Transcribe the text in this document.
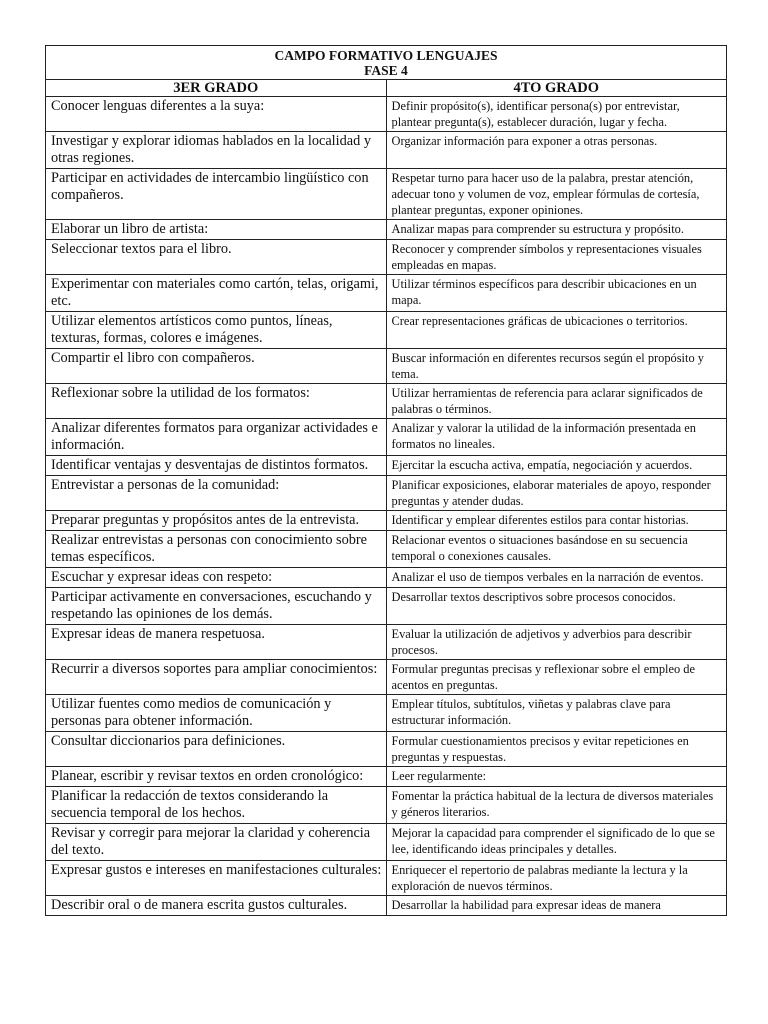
CAMPO FORMATIVO LENGUAJES
FASE 4	

3ER GRADO	4TO GRADO
Conocer lenguas diferentes a la suya:	Definir propósito(s), identificar persona(s) por entrevistar, plantear pregunta(s), establecer duración, lugar y fecha.
Investigar y explorar idiomas hablados en la localidad y otras regiones.	Organizar información para exponer a otras personas.
Participar en actividades de intercambio lingüístico con compañeros.	Respetar turno para hacer uso de la palabra, prestar atención, adecuar tono y volumen de voz, emplear fórmulas de cortesía, plantear preguntas, exponer opiniones.
Elaborar un libro de artista:	Analizar mapas para comprender su estructura y propósito.
Seleccionar textos para el libro.	Reconocer y comprender símbolos y representaciones visuales empleadas en mapas.
Experimentar con materiales como cartón, telas, origami, etc.	Utilizar términos específicos para describir ubicaciones en un mapa.
Utilizar elementos artísticos como puntos, líneas, texturas, formas, colores e imágenes.	Crear representaciones gráficas de ubicaciones o territorios.
Compartir el libro con compañeros.	Buscar información en diferentes recursos según el propósito y tema.
Reflexionar sobre la utilidad de los formatos:	Utilizar herramientas de referencia para aclarar significados de palabras o términos.
Analizar diferentes formatos para organizar actividades e información.	Analizar y valorar la utilidad de la información presentada en formatos no lineales.
Identificar ventajas y desventajas de distintos formatos.	Ejercitar la escucha activa, empatía, negociación y acuerdos.
Entrevistar a personas de la comunidad:	Planificar exposiciones, elaborar materiales de apoyo, responder preguntas y atender dudas.
Preparar preguntas y propósitos antes de la entrevista.	Identificar y emplear diferentes estilos para contar historias.
Realizar entrevistas a personas con conocimiento sobre temas específicos.	Relacionar eventos o situaciones basándose en su secuencia temporal o conexiones causales.
Escuchar y expresar ideas con respeto:	Analizar el uso de tiempos verbales en la narración de eventos.
Participar activamente en conversaciones, escuchando y respetando las opiniones de los demás.	Desarrollar textos descriptivos sobre procesos conocidos.
Expresar ideas de manera respetuosa.	Evaluar la utilización de adjetivos y adverbios para describir procesos.
Recurrir a diversos soportes para ampliar conocimientos:	Formular preguntas precisas y reflexionar sobre el empleo de acentos en preguntas.
Utilizar fuentes como medios de comunicación y personas para obtener información.	Emplear títulos, subtítulos, viñetas y palabras clave para estructurar información.
Consultar diccionarios para definiciones.	Formular cuestionamientos precisos y evitar repeticiones en preguntas y respuestas.
Planear, escribir y revisar textos en orden cronológico:	Leer regularmente:
Planificar la redacción de textos considerando la secuencia temporal de los hechos.	Fomentar la práctica habitual de la lectura de diversos materiales y géneros literarios.
Revisar y corregir para mejorar la claridad y coherencia del texto.	Mejorar la capacidad para comprender el significado de lo que se lee, identificando ideas principales y detalles.
Expresar gustos e intereses en manifestaciones culturales:	Enriquecer el repertorio de palabras mediante la lectura y la exploración de nuevos términos.
Describir oral o de manera escrita gustos culturales.	Desarrollar la habilidad para expresar ideas de manera
